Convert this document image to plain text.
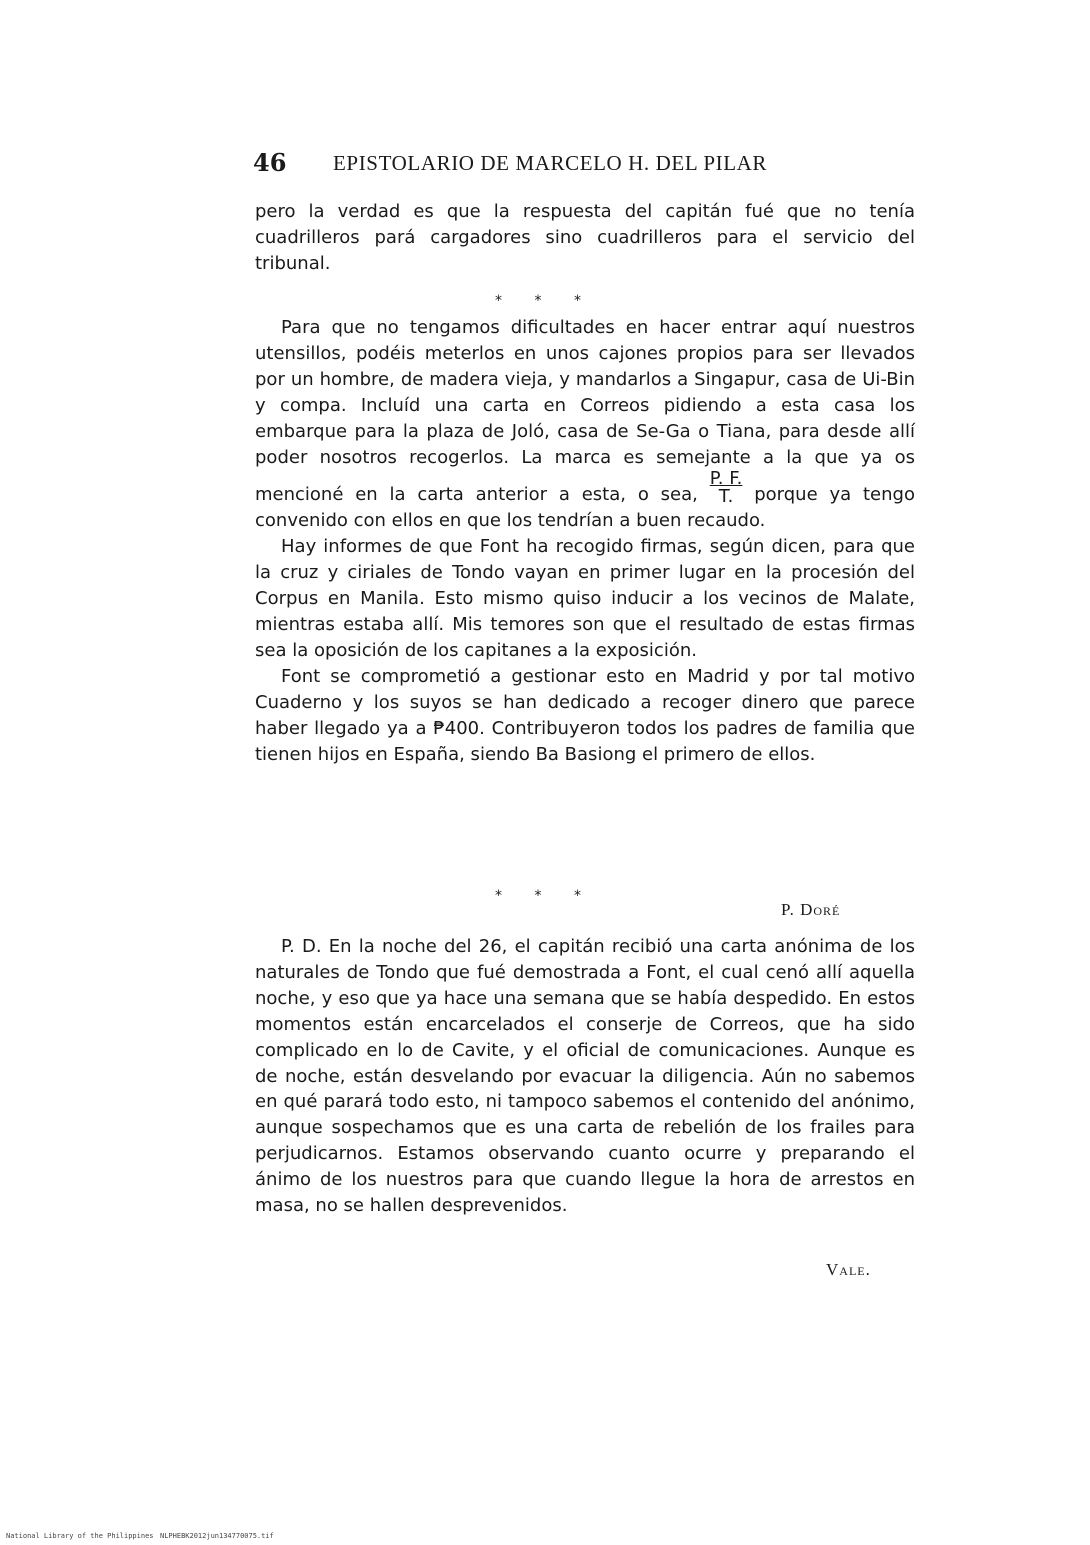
46 EPISTOLARIO DE MARCELO H. DEL PILAR

pero la verdad es que la respuesta del capitán fué que no tenía cuadrilleros pará cargadores sino cuadrilleros para el servicio del tribunal.

* * *

Para que no tengamos dificultades en hacer entrar aquí nuestros utensillos, podéis meterlos en unos cajones propios para ser llevados por un hombre, de madera vieja, y mandarlos a Singapur, casa de Ui-Bin y compa. Incluíd una carta en Correos pidiendo a esta casa los embarque para la plaza de Joló, casa de Se-Ga o Tiana, para desde allí poder nosotros recogerlos. La marca es semejante a la que ya os mencioné en la carta anterior a esta, o sea, $\frac{P. F.}{T.}$ porque ya tengo convenido con ellos en que los tendrían a buen recaudo.

Hay informes de que Font ha recogido firmas, según dicen, para que la cruz y ciriales de Tondo vayan en primer lugar en la procesión del Corpus en Manila. Esto mismo quiso inducir a los vecinos de Malate, mientras estaba allí. Mis temores son que el resultado de estas firmas sea la oposición de los capitanes a la exposición.

Font se comprometió a gestionar esto en Madrid y por tal motivo Cuaderno y los suyos se han dedicado a recoger dinero que parece haber llegado ya a ₱400. Contribuyeron todos los padres de familia que tienen hijos en España, siendo Ba Basiong el primero de ellos.

* * *
P. Doré

P. D. En la noche del 26, el capitán recibió una carta anónima de los naturales de Tondo que fué demostrada a Font, el cual cenó allí aquella noche, y eso que ya hace una semana que se había despedido. En estos momentos están encarcelados el conserje de Correos, que ha sido complicado en lo de Cavite, y el oficial de comunicaciones. Aunque es de noche, están desvelando por evacuar la diligencia. Aún no sabemos en qué parará todo esto, ni tampoco sabemos el contenido del anónimo, aunque sospechamos que es una carta de rebelión de los frailes para perjudicarnos. Estamos observando cuanto ocurre y preparando el ánimo de los nuestros para que cuando llegue la hora de arrestos en masa, no se hallen desprevenidos.

Vale.
National Library of the Philippines NLPHEBK2012jun134770075.tif
